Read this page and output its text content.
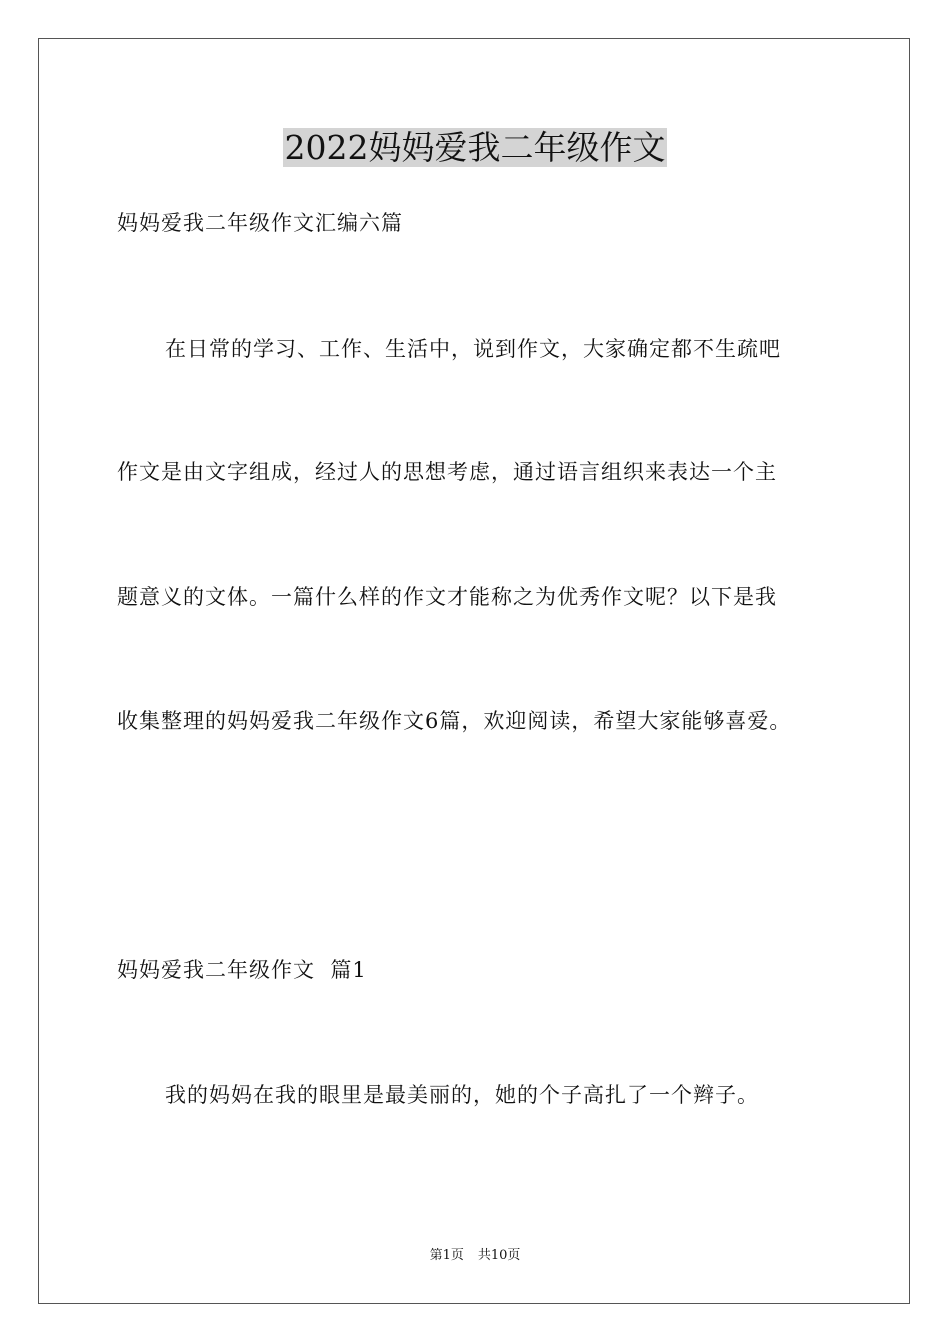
2022妈妈爱我二年级作文

妈妈爱我二年级作文汇编六篇

在日常的学习、工作、生活中，说到作文，大家确定都不生疏吧

作文是由文字组成，经过人的思想考虑，通过语言组织来表达一个主

题意义的文体。一篇什么样的作文才能称之为优秀作文呢？以下是我

收集整理的妈妈爱我二年级作文6篇，欢迎阅读，希望大家能够喜爱。

妈妈爱我二年级作文  篇1

我的妈妈在我的眼里是最美丽的，她的个子高扎了一个辫子。

第1页 共10页
